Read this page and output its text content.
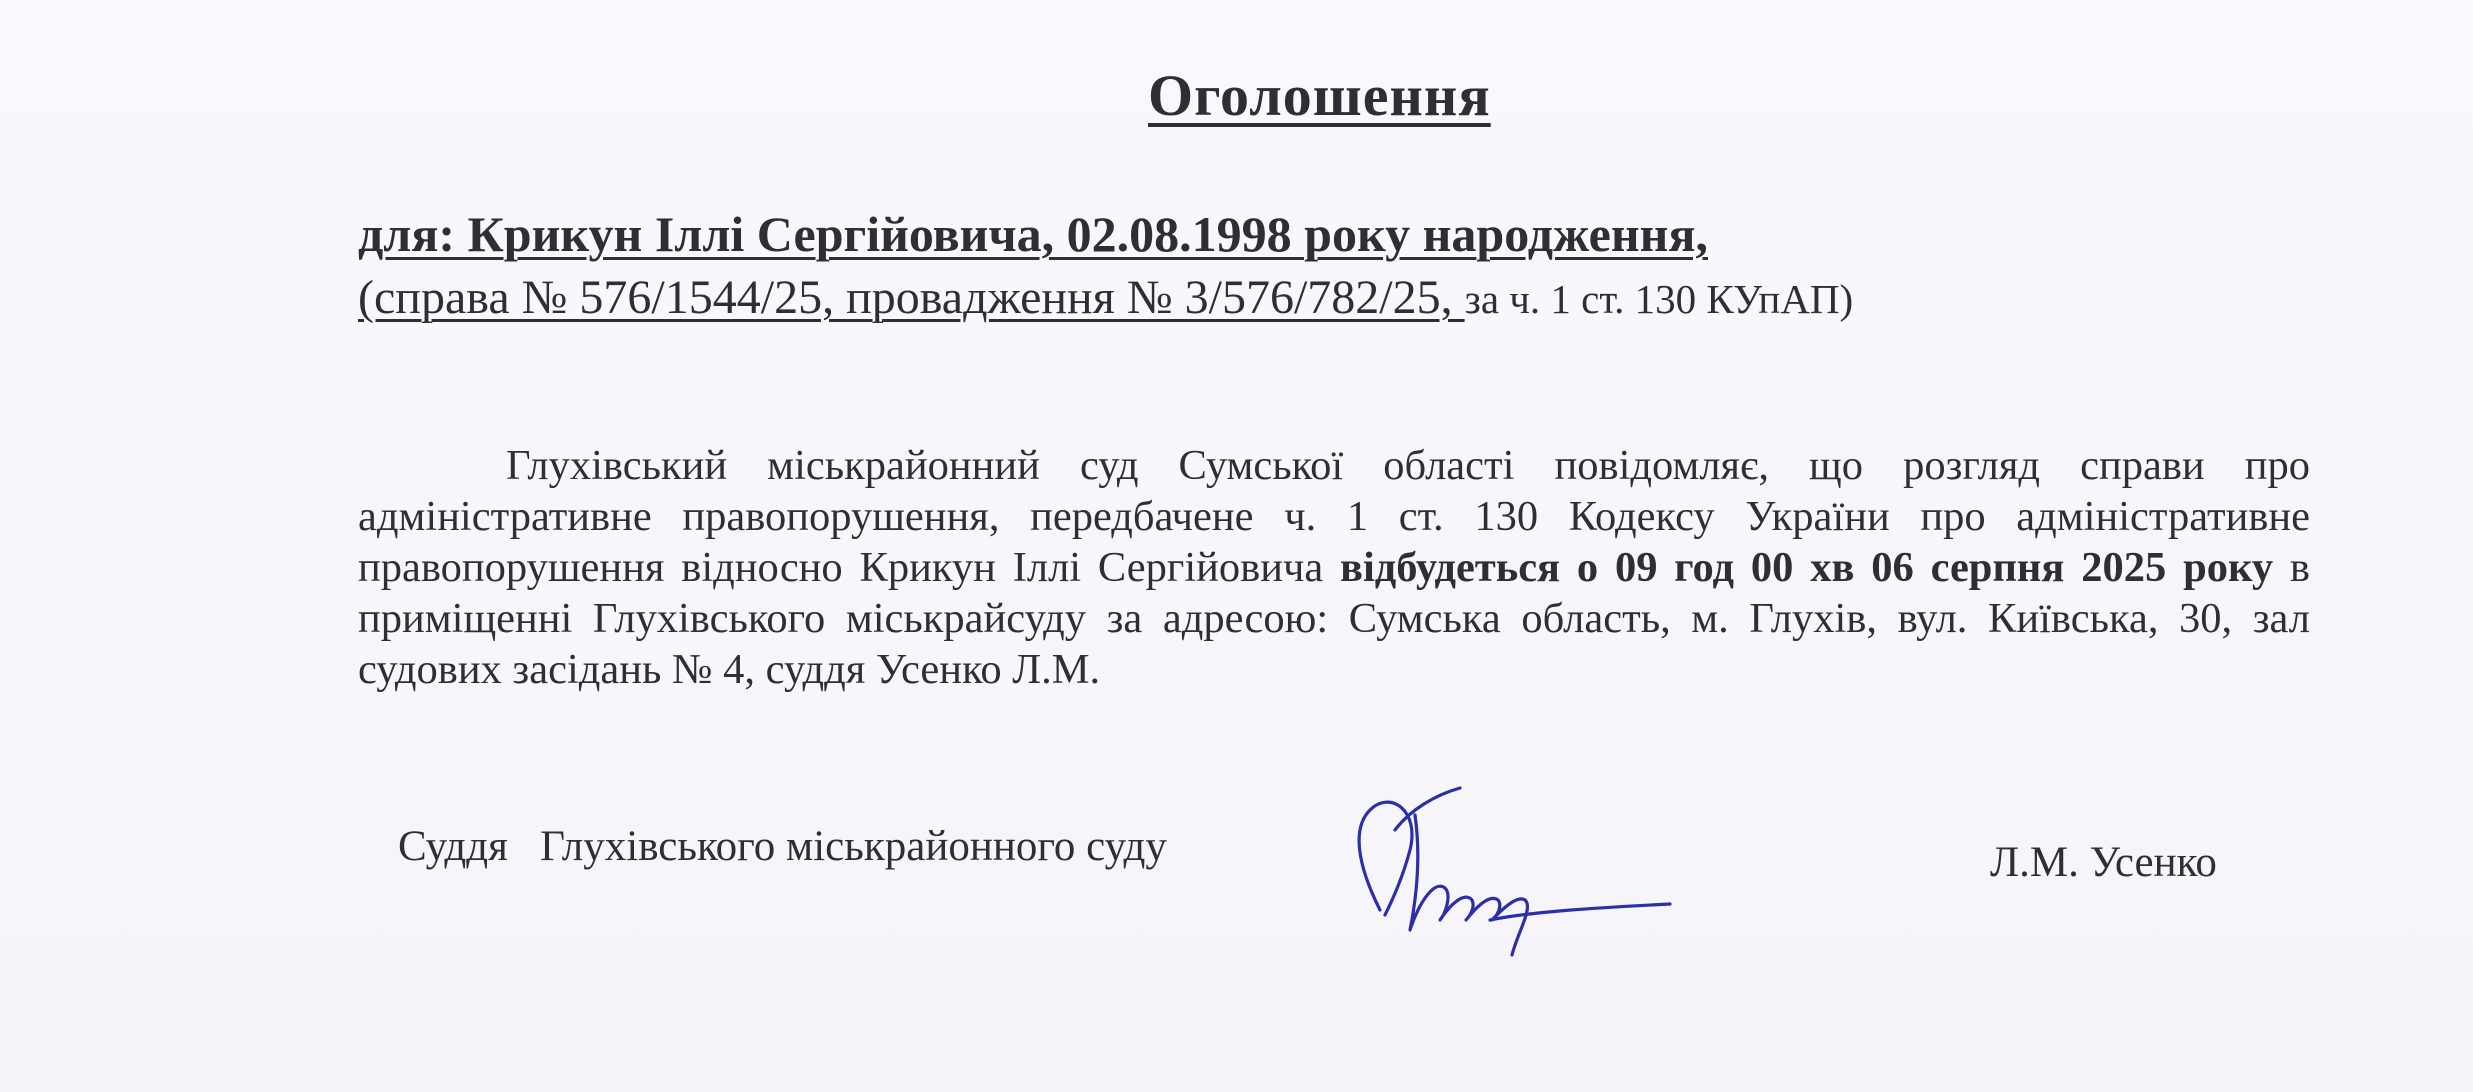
Оголошення
для: Крикун Іллі Сергійовича, 02.08.1998 року народження,
(справа № 576/1544/25, провадження № 3/576/782/25, за ч. 1 ст. 130 КУпАП)
Глухівський міськрайонний суд Сумської області повідомляє, що розгляд справи про адміністративне правопорушення, передбачене ч. 1 ст. 130 Кодексу України про адміністративне правопорушення відносно Крикун Іллі Сергійовича відбудеться о 09 год 00 хв 06 серпня 2025 року в приміщенні Глухівського міськрайсуду за адресою: Сумська область, м. Глухів, вул. Київська, 30, зал судових засідань № 4, суддя Усенко Л.М.
Суддя   Глухівського міськрайонного суду	Л.М. Усенко
